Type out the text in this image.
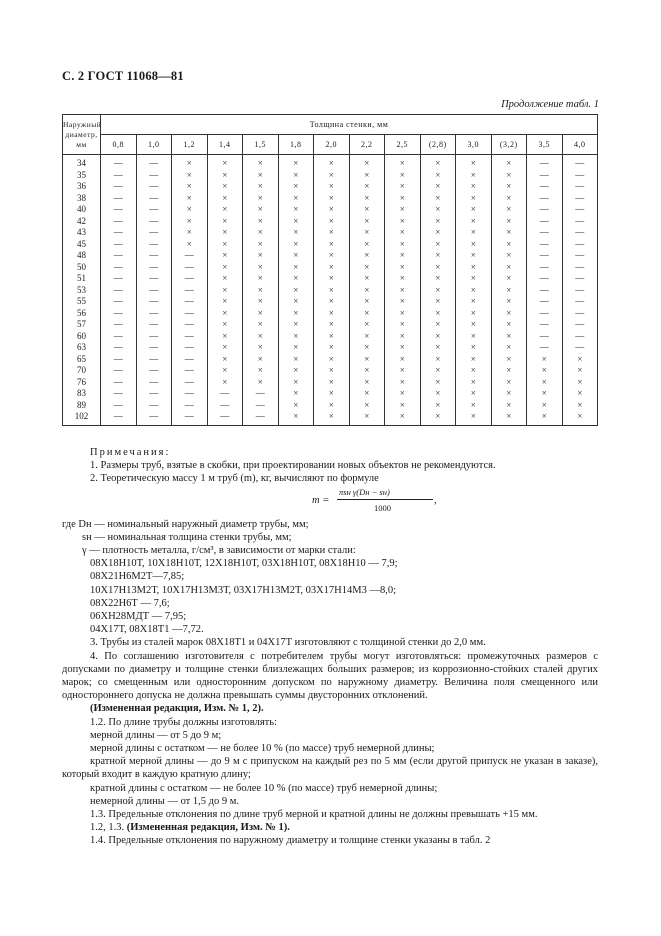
С. 2 ГОСТ 11068—81
Продолжение табл. 1
Наружный
диаметр,
мм	Толщина стенки, мм													
	0,8	1,0	1,2	1,4	1,5	1,8	2,0	2,2	2,5	(2,8)	3,0	(3,2)	3,5	4,0
34	—	—	×	×	×	×	×	×	×	×	×	×	—	—
35	—	—	×	×	×	×	×	×	×	×	×	×	—	—
36	—	—	×	×	×	×	×	×	×	×	×	×	—	—
38	—	—	×	×	×	×	×	×	×	×	×	×	—	—
40	—	—	×	×	×	×	×	×	×	×	×	×	—	—
42	—	—	×	×	×	×	×	×	×	×	×	×	—	—
43	—	—	×	×	×	×	×	×	×	×	×	×	—	—
45	—	—	×	×	×	×	×	×	×	×	×	×	—	—
48	—	—	—	×	×	×	×	×	×	×	×	×	—	—
50	—	—	—	×	×	×	×	×	×	×	×	×	—	—
51	—	—	—	×	×	×	×	×	×	×	×	×	—	—
53	—	—	—	×	×	×	×	×	×	×	×	×	—	—
55	—	—	—	×	×	×	×	×	×	×	×	×	—	—
56	—	—	—	×	×	×	×	×	×	×	×	×	—	—
57	—	—	—	×	×	×	×	×	×	×	×	×	—	—
60	—	—	—	×	×	×	×	×	×	×	×	×	—	—
63	—	—	—	×	×	×	×	×	×	×	×	×	—	—
65	—	—	—	×	×	×	×	×	×	×	×	×	×	×
70	—	—	—	×	×	×	×	×	×	×	×	×	×	×
76	—	—	—	×	×	×	×	×	×	×	×	×	×	×
83	—	—	—	—	—	×	×	×	×	×	×	×	×	×
89	—	—	—	—	—	×	×	×	×	×	×	×	×	×
102	—	—	—	—	—	×	×	×	×	×	×	×	×	×

Примечания:

1. Размеры труб, взятые в скобки, при проектировании новых объектов не рекомендуются.

2. Теоретическую массу 1 м труб (m), кг, вычисляют по формуле

m =
πsн γ(Dн − sн)
1000
,

где Dн — номинальный наружный диаметр трубы, мм;

sн — номинальная толщина стенки трубы, мм;

γ — плотность металла, г/см³, в зависимости от марки стали:

08Х18Н10Т, 10Х18Н10Т, 12Х18Н10Т, 03Х18Н10Т, 08Х18Н10 — 7,9;

08Х21Н6М2Т—7,85;

10Х17Н13М2Т, 10Х17Н13М3Т, 03Х17Н13М2Т, 03Х17Н14М3 —8,0;

08Х22Н6Т — 7,6;

06ХН28МДТ — 7,95;

04Х17Т, 08Х18Т1 —7,72.

3. Трубы из сталей марок 08Х18Т1 и 04Х17Т изготовляют с толщиной стенки до 2,0 мм.

4. По соглашению изготовителя с потребителем трубы могут изготовляться: промежуточных размеров с допусками по диаметру и толщине стенки близлежащих бо̀льших размеров; из коррозионно-стойких сталей других марок; со смещенным или односторонним допуском по наружному диаметру. Величина поля смещенного или одностороннего допуска не должна превышать суммы двусторонних отклонений.

(Измененная редакция, Изм. № 1, 2).

1.2. По длине трубы должны изготовлять:

мерной длины — от 5 до 9 м;

мерной длины с остатком — не более 10 % (по массе) труб немерной длины;

кратной мерной длины — до 9 м с припуском на каждый рез по 5 мм (если другой припуск не указан в заказе), который входит в каждую кратную длину;

кратной длины с остатком — не более 10 % (по массе) труб немерной длины;

немерной длины — от 1,5 до 9 м.

1.3. Предельные отклонения по длине труб мерной и кратной длины не должны превышать +15 мм.

1.2, 1.3. (Измененная редакция, Изм. № 1).

1.4. Предельные отклонения по наружному диаметру и толщине стенки указаны в табл. 2
